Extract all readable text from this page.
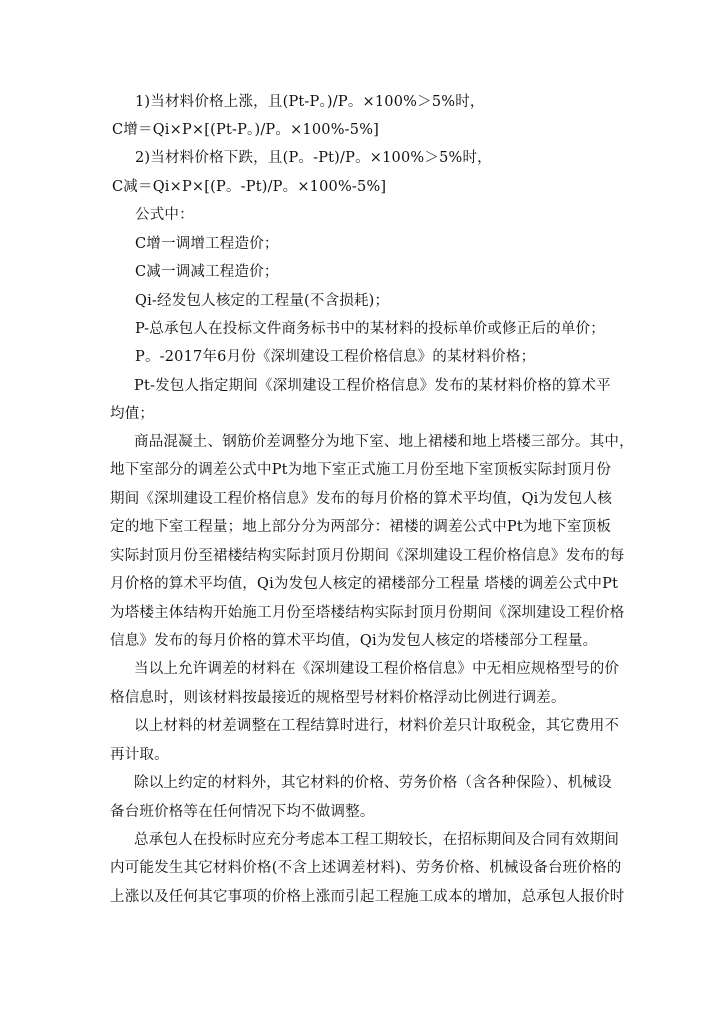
1)当材料价格上涨，且(Pt-P。)/P。×100%＞5%时，
C增＝Qi×P×[(Pt-P。)/P。×100%-5%]
2)当材料价格下跌，且(P。-Pt)/P。×100%＞5%时，
C减＝Qi×P×[(P。-Pt)/P。×100%-5%]
公式中：
C增一调增工程造价；
C减一调减工程造价；
Qi-经发包人核定的工程量(不含损耗)；
P-总承包人在投标文件商务标书中的某材料的投标单价或修正后的单价；
P。-2017年6月份《深圳建设工程价格信息》的某材料价格；
Pt-发包人指定期间《深圳建设工程价格信息》发布的某材料价格的算术平
均值；
商品混凝土、钢筋价差调整分为地下室、地上裙楼和地上塔楼三部分。其中，
地下室部分的调差公式中Pt为地下室正式施工月份至地下室顶板实际封顶月份
期间《深圳建设工程价格信息》发布的每月价格的算术平均值，Qi为发包人核
定的地下室工程量；地上部分分为两部分：裙楼的调差公式中Pt为地下室顶板
实际封顶月份至裙楼结构实际封顶月份期间《深圳建设工程价格信息》发布的每
月价格的算术平均值，Qi为发包人核定的裙楼部分工程量 塔楼的调差公式中Pt
为塔楼主体结构开始施工月份至塔楼结构实际封顶月份期间《深圳建设工程价格
信息》发布的每月价格的算术平均值，Qi为发包人核定的塔楼部分工程量。
当以上允许调差的材料在《深圳建设工程价格信息》中无相应规格型号的价
格信息时，则该材料按最接近的规格型号材料价格浮动比例进行调差。
以上材料的材差调整在工程结算时进行，材料价差只计取税金，其它费用不
再计取。
除以上约定的材料外，其它材料的价格、劳务价格（含各种保险）、机械设
备台班价格等在任何情况下均不做调整。
总承包人在投标时应充分考虑本工程工期较长，在招标期间及合同有效期间
内可能发生其它材料价格(不含上述调差材料)、劳务价格、机械设备台班价格的
上涨以及任何其它事项的价格上涨而引起工程施工成本的增加，总承包人报价时
